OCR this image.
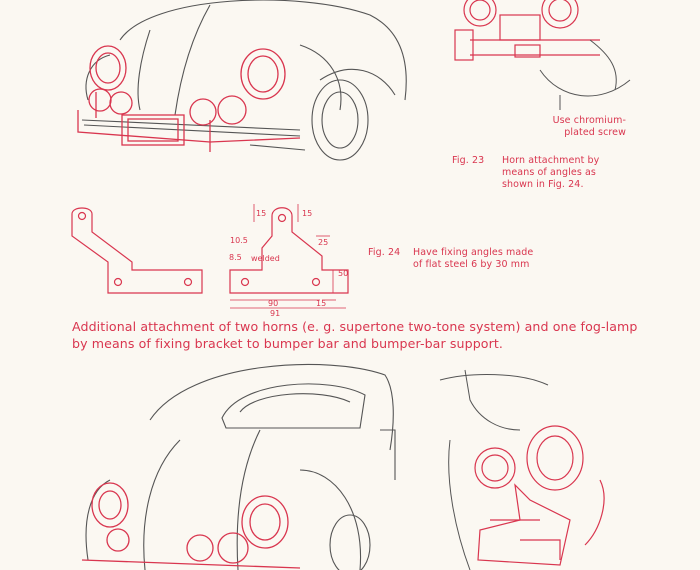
15
10.5
8.5 welded
15
25
50
90	15
91
Use chromium-
plated screw
Fig. 23 Horn attachment by
means of angles as
shown in Fig. 24.
Fig. 24 Have fixing angles made
of flat steel 6 by 30 mm
Additional attachment of two horns (e. g. supertone two-tone system) and one fog-lamp by means of fixing bracket to bumper bar and bumper-bar support.
